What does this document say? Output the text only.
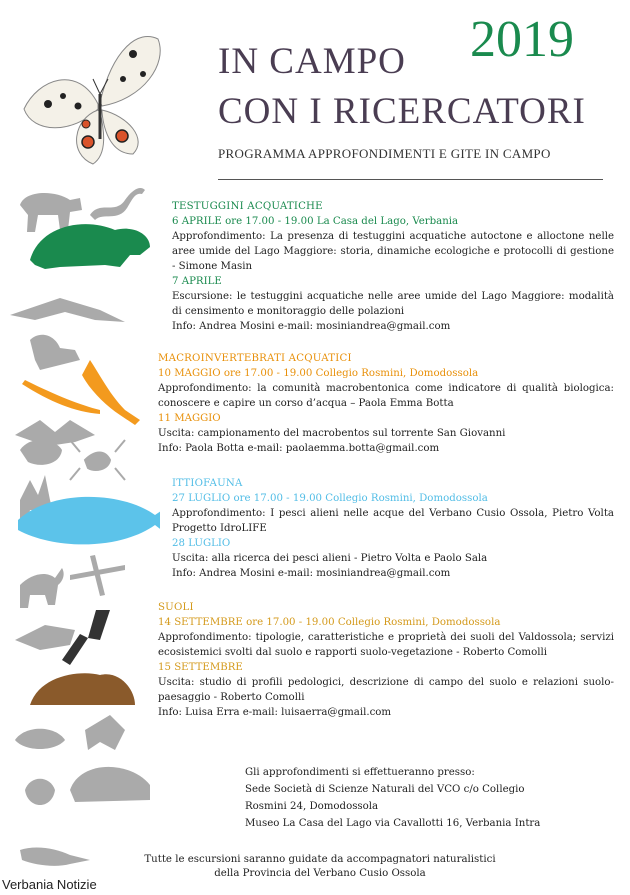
IN CAMPO
CON I RICERCATORI
2019
PROGRAMMA APPROFONDIMENTI E GITE IN CAMPO
TESTUGGINI ACQUATICHE
6 APRILE ore 17.00 - 19.00 La Casa del Lago, Verbania

Approfondimento: La presenza di testuggini acquatiche autoctone e alloctone nelle aree umide del Lago Maggiore: storia, dinamiche ecologiche e protocolli di gestione - Simone Masin

7 APRILE

Escursione: le testuggini acquatiche nelle aree umide del Lago Maggiore: modalità di censimento e monitoraggio delle polazioni

Info: Andrea Mosini e-mail: mosiniandrea@gmail.com
MACROINVERTEBRATI ACQUATICI
10 MAGGIO ore 17.00 - 19.00 Collegio Rosmini, Domodossola

Approfondimento: la comunità macrobentonica come indicatore di qualità biologica: conoscere e capire un corso d’acqua – Paola Emma Botta

11 MAGGIO

Uscita: campionamento del macrobentos sul torrente San Giovanni

Info: Paola Botta e-mail: paolaemma.botta@gmail.com
ITTIOFAUNA
27 LUGLIO ore 17.00 - 19.00 Collegio Rosmini, Domodossola

Approfondimento: I pesci alieni nelle acque del Verbano Cusio Ossola, Pietro Volta Progetto IdroLIFE

28 LUGLIO

Uscita: alla ricerca dei pesci alieni - Pietro Volta e Paolo Sala

Info: Andrea Mosini e-mail: mosiniandrea@gmail.com
SUOLI
14 SETTEMBRE ore 17.00 - 19.00 Collegio Rosmini, Domodossola

Approfondimento: tipologie, caratteristiche e proprietà dei suoli del Valdossola; servizi ecosistemici svolti dal suolo e rapporti suolo-vegetazione - Roberto Comolli

15 SETTEMBRE

Uscita: studio di profili pedologici, descrizione di campo del suolo e relazioni suolo-paesaggio - Roberto Comolli

Info: Luisa Erra e-mail: luisaerra@gmail.com
Gli approfondimenti si effettueranno presso:
Sede Società di Scienze Naturali del VCO c/o Collegio
Rosmini 24, Domodossola
Museo La Casa del Lago via Cavallotti 16, Verbania Intra
Tutte le escursioni saranno guidate da accompagnatori naturalistici
della Provincia del Verbano Cusio Ossola
Verbania Notizie
